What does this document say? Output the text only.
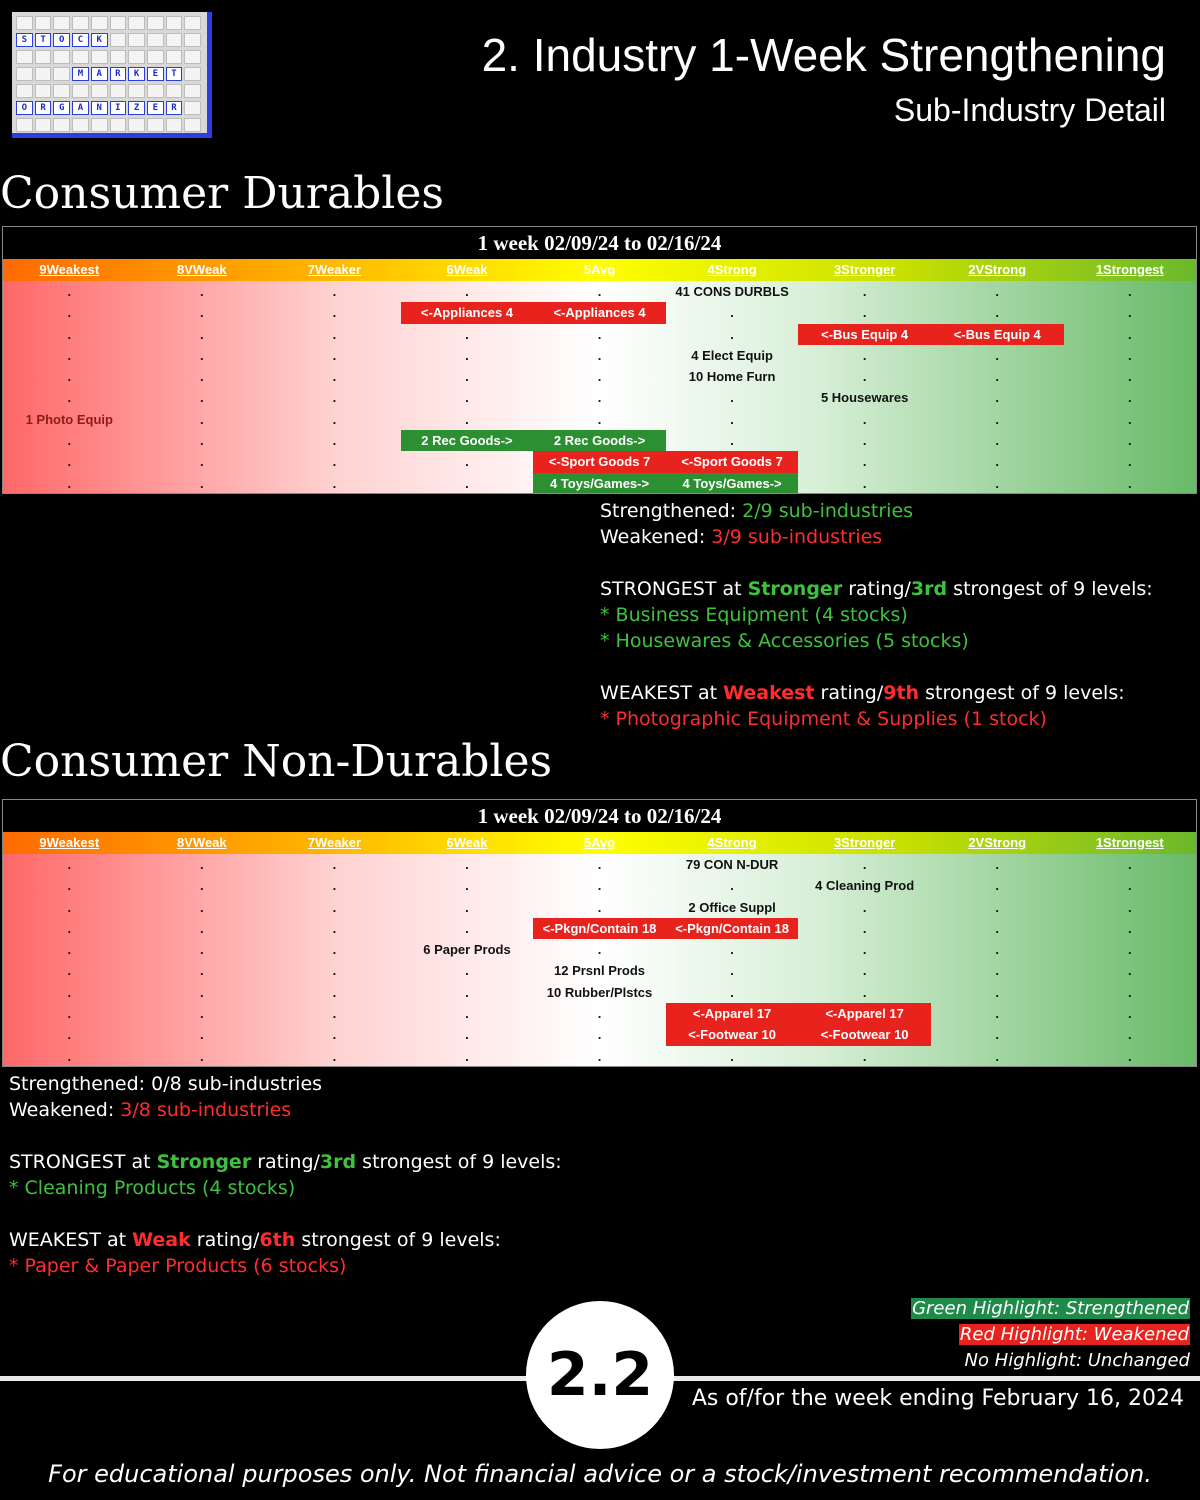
S	T	O	C	K
M	A	R	K	E	T
O	R	G	A	N	I	Z	E	R
2. Industry 1-Week Strengthening
Sub-Industry Detail
Consumer Durables
1 week 02/09/24 to 02/16/24
9Weakest	8VWeak	7Weaker	6Weak	5Avg	4Strong	3Stronger	2VStrong	1Strongest
.	.	.	.	.	41 CONS DURBLS	.	.	.
.	.	.	<-Appliances 4	<-Appliances 4	.	.	.	.
.	.	.	.	.	.	<-Bus Equip 4	<-Bus Equip 4	.
.	.	.	.	.	4 Elect Equip	.	.	.
.	.	.	.	.	10 Home Furn	.	.	.
.	.	.	.	.	.	5 Housewares	.	.
1 Photo Equip	.	.	.	.	.	.	.	.
.	.	.	2 Rec Goods->	2 Rec Goods->	.	.	.	.
.	.	.	.	<-Sport Goods 7	<-Sport Goods 7	.	.	.
.	.	.	.	4 Toys/Games->	4 Toys/Games->	.	.	.
Strengthened: 2/9 sub-industries
Weakened: 3/9 sub-industries

STRONGEST at Stronger rating/3rd strongest of 9 levels:
* Business Equipment (4 stocks)
* Housewares & Accessories (5 stocks)

WEAKEST at Weakest rating/9th strongest of 9 levels:
* Photographic Equipment & Supplies (1 stock)
Consumer Non-Durables
1 week 02/09/24 to 02/16/24
9Weakest	8VWeak	7Weaker	6Weak	5Avg	4Strong	3Stronger	2VStrong	1Strongest
.	.	.	.	.	79 CON N-DUR	.	.	.
.	.	.	.	.	.	4 Cleaning Prod	.	.
.	.	.	.	.	2 Office Suppl	.	.	.
.	.	.	.	<-Pkgn/Contain 18	<-Pkgn/Contain 18	.	.	.
.	.	.	6 Paper Prods	.	.	.	.	.
.	.	.	.	12 Prsnl Prods	.	.	.	.
.	.	.	.	10 Rubber/Plstcs	.	.	.	.
.	.	.	.	.	<-Apparel 17	<-Apparel 17	.	.
.	.	.	.	.	<-Footwear 10	<-Footwear 10	.	.
.	.	.	.	.	.	.	.	.
Strengthened: 0/8 sub-industries
Weakened: 3/8 sub-industries

STRONGEST at Stronger rating/3rd strongest of 9 levels:
* Cleaning Products (4 stocks)

WEAKEST at Weak rating/6th strongest of 9 levels:
* Paper & Paper Products (6 stocks)
Green Highlight: Strengthened
Red Highlight: Weakened
No Highlight: Unchanged
2.2	As of/for the week ending February 16, 2024
For educational purposes only. Not financial advice or a stock/investment recommendation.
